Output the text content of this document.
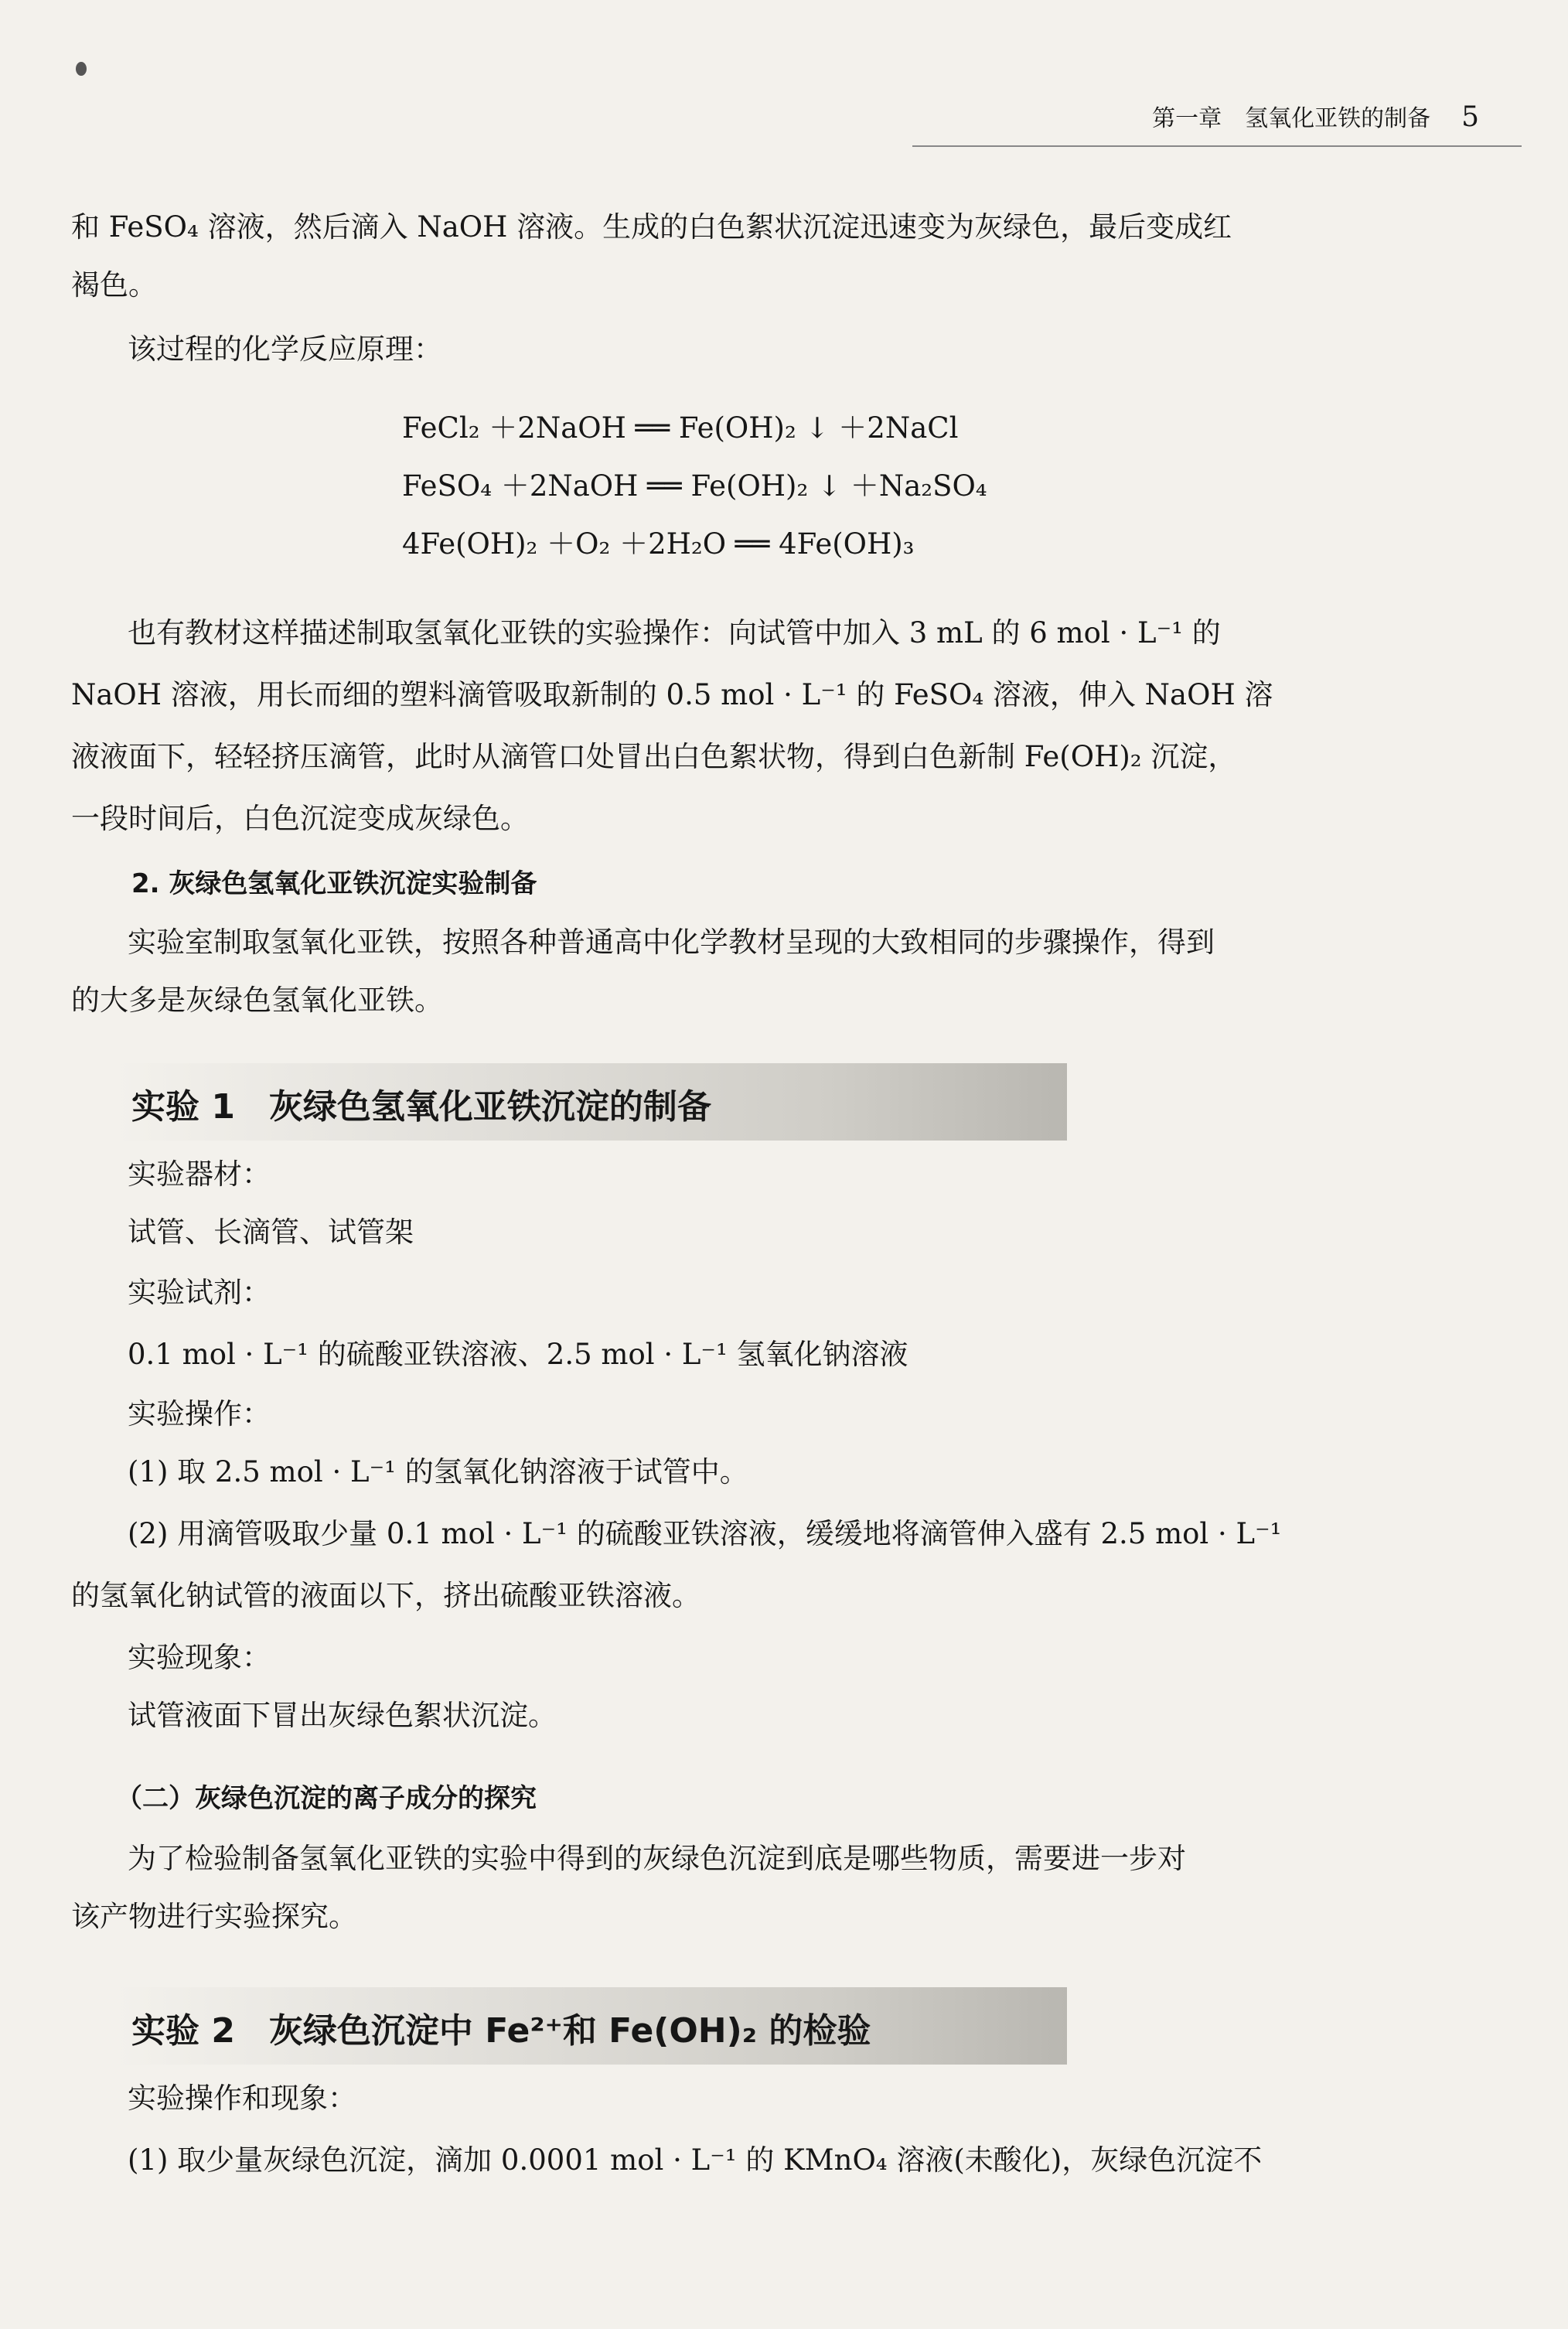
第一章　氢氧化亚铁的制备 5

和 FeSO₄ 溶液，然后滴入 NaOH 溶液。生成的白色絮状沉淀迅速变为灰绿色，最后变成红

褐色。

该过程的化学反应原理：

FeCl₂ ＋2NaOH ══ Fe(OH)₂ ↓ ＋2NaCl

FeSO₄ ＋2NaOH ══ Fe(OH)₂ ↓ ＋Na₂SO₄

4Fe(OH)₂ ＋O₂ ＋2H₂O ══ 4Fe(OH)₃

也有教材这样描述制取氢氧化亚铁的实验操作：向试管中加入 3 mL 的 6 mol · L⁻¹ 的

NaOH 溶液，用长而细的塑料滴管吸取新制的 0.5 mol · L⁻¹ 的 FeSO₄ 溶液，伸入 NaOH 溶

液液面下，轻轻挤压滴管，此时从滴管口处冒出白色絮状物，得到白色新制 Fe(OH)₂ 沉淀，

一段时间后，白色沉淀变成灰绿色。

2. 灰绿色氢氧化亚铁沉淀实验制备

实验室制取氢氧化亚铁，按照各种普通高中化学教材呈现的大致相同的步骤操作，得到

的大多是灰绿色氢氧化亚铁。

实验 1　灰绿色氢氧化亚铁沉淀的制备

实验器材：

试管、长滴管、试管架

实验试剂：

0.1 mol · L⁻¹ 的硫酸亚铁溶液、2.5 mol · L⁻¹ 氢氧化钠溶液

实验操作：

(1) 取 2.5 mol · L⁻¹ 的氢氧化钠溶液于试管中。

(2) 用滴管吸取少量 0.1 mol · L⁻¹ 的硫酸亚铁溶液，缓缓地将滴管伸入盛有 2.5 mol · L⁻¹

的氢氧化钠试管的液面以下，挤出硫酸亚铁溶液。

实验现象：

试管液面下冒出灰绿色絮状沉淀。

（二）灰绿色沉淀的离子成分的探究

为了检验制备氢氧化亚铁的实验中得到的灰绿色沉淀到底是哪些物质，需要进一步对

该产物进行实验探究。

实验 2　灰绿色沉淀中 Fe²⁺和 Fe(OH)₂ 的检验

实验操作和现象：

(1) 取少量灰绿色沉淀，滴加 0.0001 mol · L⁻¹ 的 KMnO₄ 溶液(未酸化)，灰绿色沉淀不
